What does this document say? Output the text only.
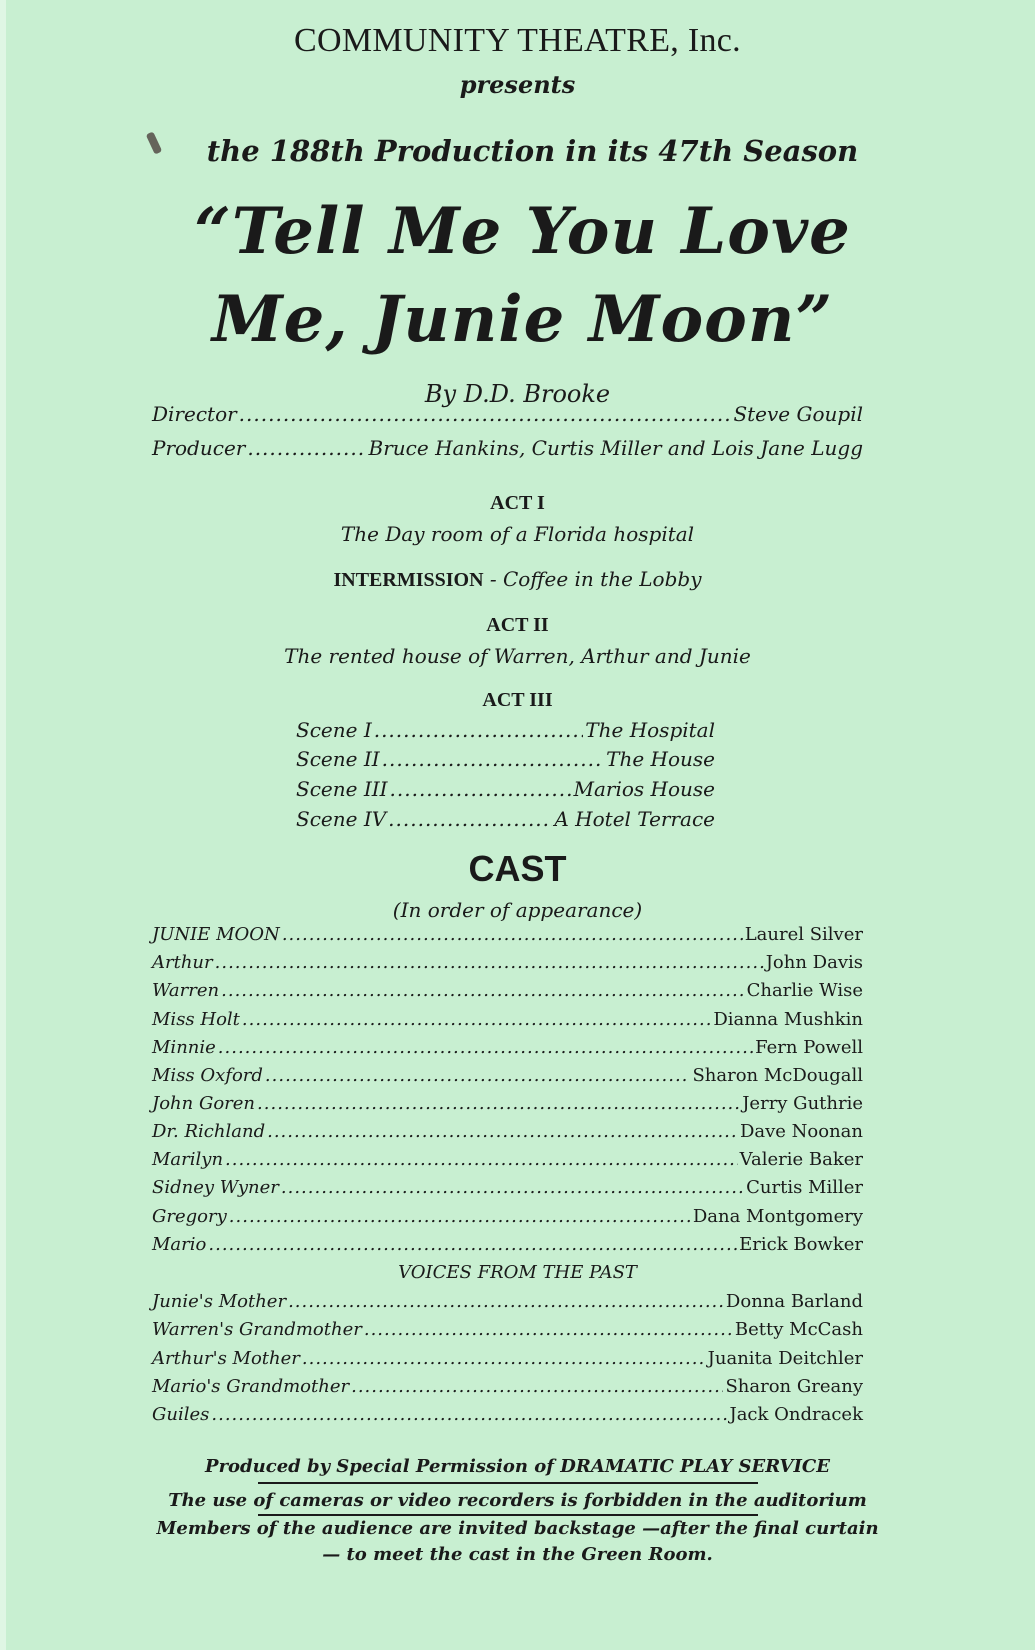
COMMUNITY THEATRE, Inc.
presents
the 188th Production in its 47th Season
“Tell Me You Love
Me, Junie Moon”
By D.D. Brooke
Director .....	Steve Goupil
Producer .....	Bruce Hankins, Curtis Miller and Lois Jane Lugg
ACT I
The Day room of a Florida hospital
INTERMISSION - Coffee in the Lobby
ACT II
The rented house of Warren, Arthur and Junie
ACT III
Scene I .....	The Hospital
Scene II .....	The House
Scene III .....	Marios House
Scene IV .....	A Hotel Terrace
CAST
(In order of appearance)
JUNIE MOON .....	Laurel Silver
Arthur .....	John Davis
Warren .....	Charlie Wise
Miss Holt .....	Dianna Mushkin
Minnie .....	Fern Powell
Miss Oxford .....	Sharon McDougall
John Goren .....	Jerry Guthrie
Dr. Richland .....	Dave Noonan
Marilyn .....	Valerie Baker
Sidney Wyner .....	Curtis Miller
Gregory .....	Dana Montgomery
Mario .....	Erick Bowker
VOICES FROM THE PAST
Junie's Mother .....	Donna Barland
Warren's Grandmother .....	Betty McCash
Arthur's Mother .....	Juanita Deitchler
Mario's Grandmother .....	Sharon Greany
Guiles .....	Jack Ondracek
Produced by Special Permission of DRAMATIC PLAY SERVICE
The use of cameras or video recorders is forbidden in the auditorium
Members of the audience are invited backstage —after the final curtain
— to meet the cast in the Green Room.
